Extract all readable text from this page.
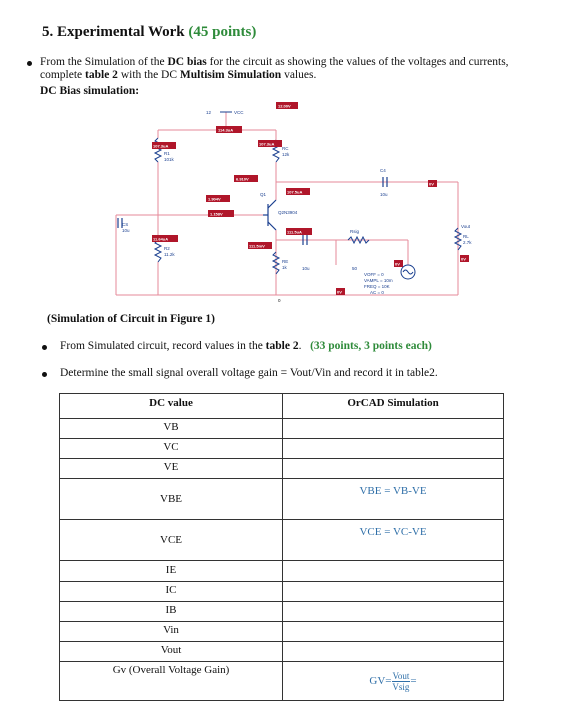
5. Experimental Work (45 points)
From the Simulation of the DC bias for the circuit as showing the values of the voltages and currents, complete table 2 with the DC Multisim Simulation values.
DC Bias simulation:
VCC
12
R1
101k
R2
11.2k
RC
12k
RE
1k
RL
2.7k
CS
10u
C4
10u
10u
Q1
Q2N3904
Rsig
50
Vout
VOFF = 0
VAMPL = 10m
FREQ = 10K
AC = 0
0
12.00V
107.3uA
114.3uA
107.3uA
6.910V
1.904V
107.5uA
1.158V
11.64uA
111.5uA
111.5mV
0V
0V
0V
0V
(Simulation of Circuit in Figure 1)
From Simulated circuit, record values in the table 2. (33 points, 3 points each)
Determine the small signal overall voltage gain = Vout/Vin and record it in table2.
DC value	OrCAD Simulation
VB	
VC	
VE	
VBE	VBE = VB-VE
VCE	VCE = VC-VE
IE	
IC	
IB	
Vin	
Vout	
Gv (Overall Voltage Gain)	$GV= \frac{\text{Vout}}{\text{Vsig}}=$
